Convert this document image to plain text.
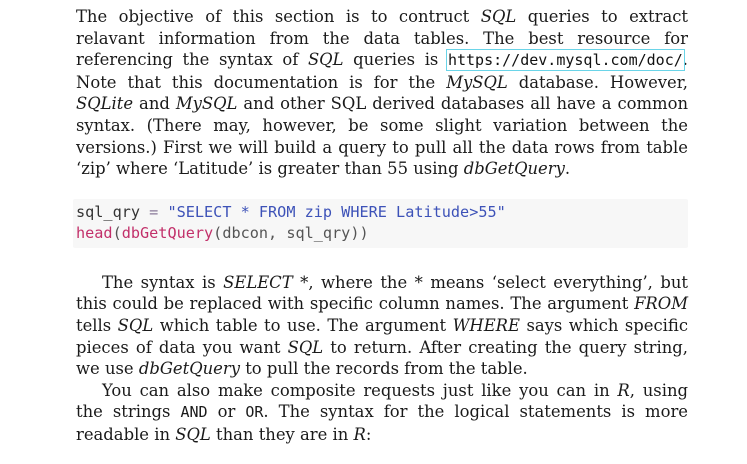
The objective of this section is to contruct SQL queries to extract relavant information from the data tables. The best resource for referencing the syntax of SQL queries is https://dev.mysql.com/doc/. Note that this documentation is for the MySQL database. However, SQLite and MySQL and other SQL derived databases all have a common syntax. (There may, however, be some slight variation between the versions.) First we will build a query to pull all the data rows from table ‘zip’ where ‘Latitude’ is greater than 55 using dbGetQuery.

sql_qry = "SELECT * FROM zip WHERE Latitude>55"
head(dbGetQuery(dbcon, sql_qry))

The syntax is SELECT *, where the * means ‘select everything’, but this could be replaced with specific column names. The argument FROM tells SQL which table to use. The argument WHERE says which specific pieces of data you want SQL to return. After creating the query string, we use dbGetQuery to pull the records from the table.

You can also make composite requests just like you can in R, using the strings AND or OR. The syntax for the logical statements is more readable in SQL than they are in R:
